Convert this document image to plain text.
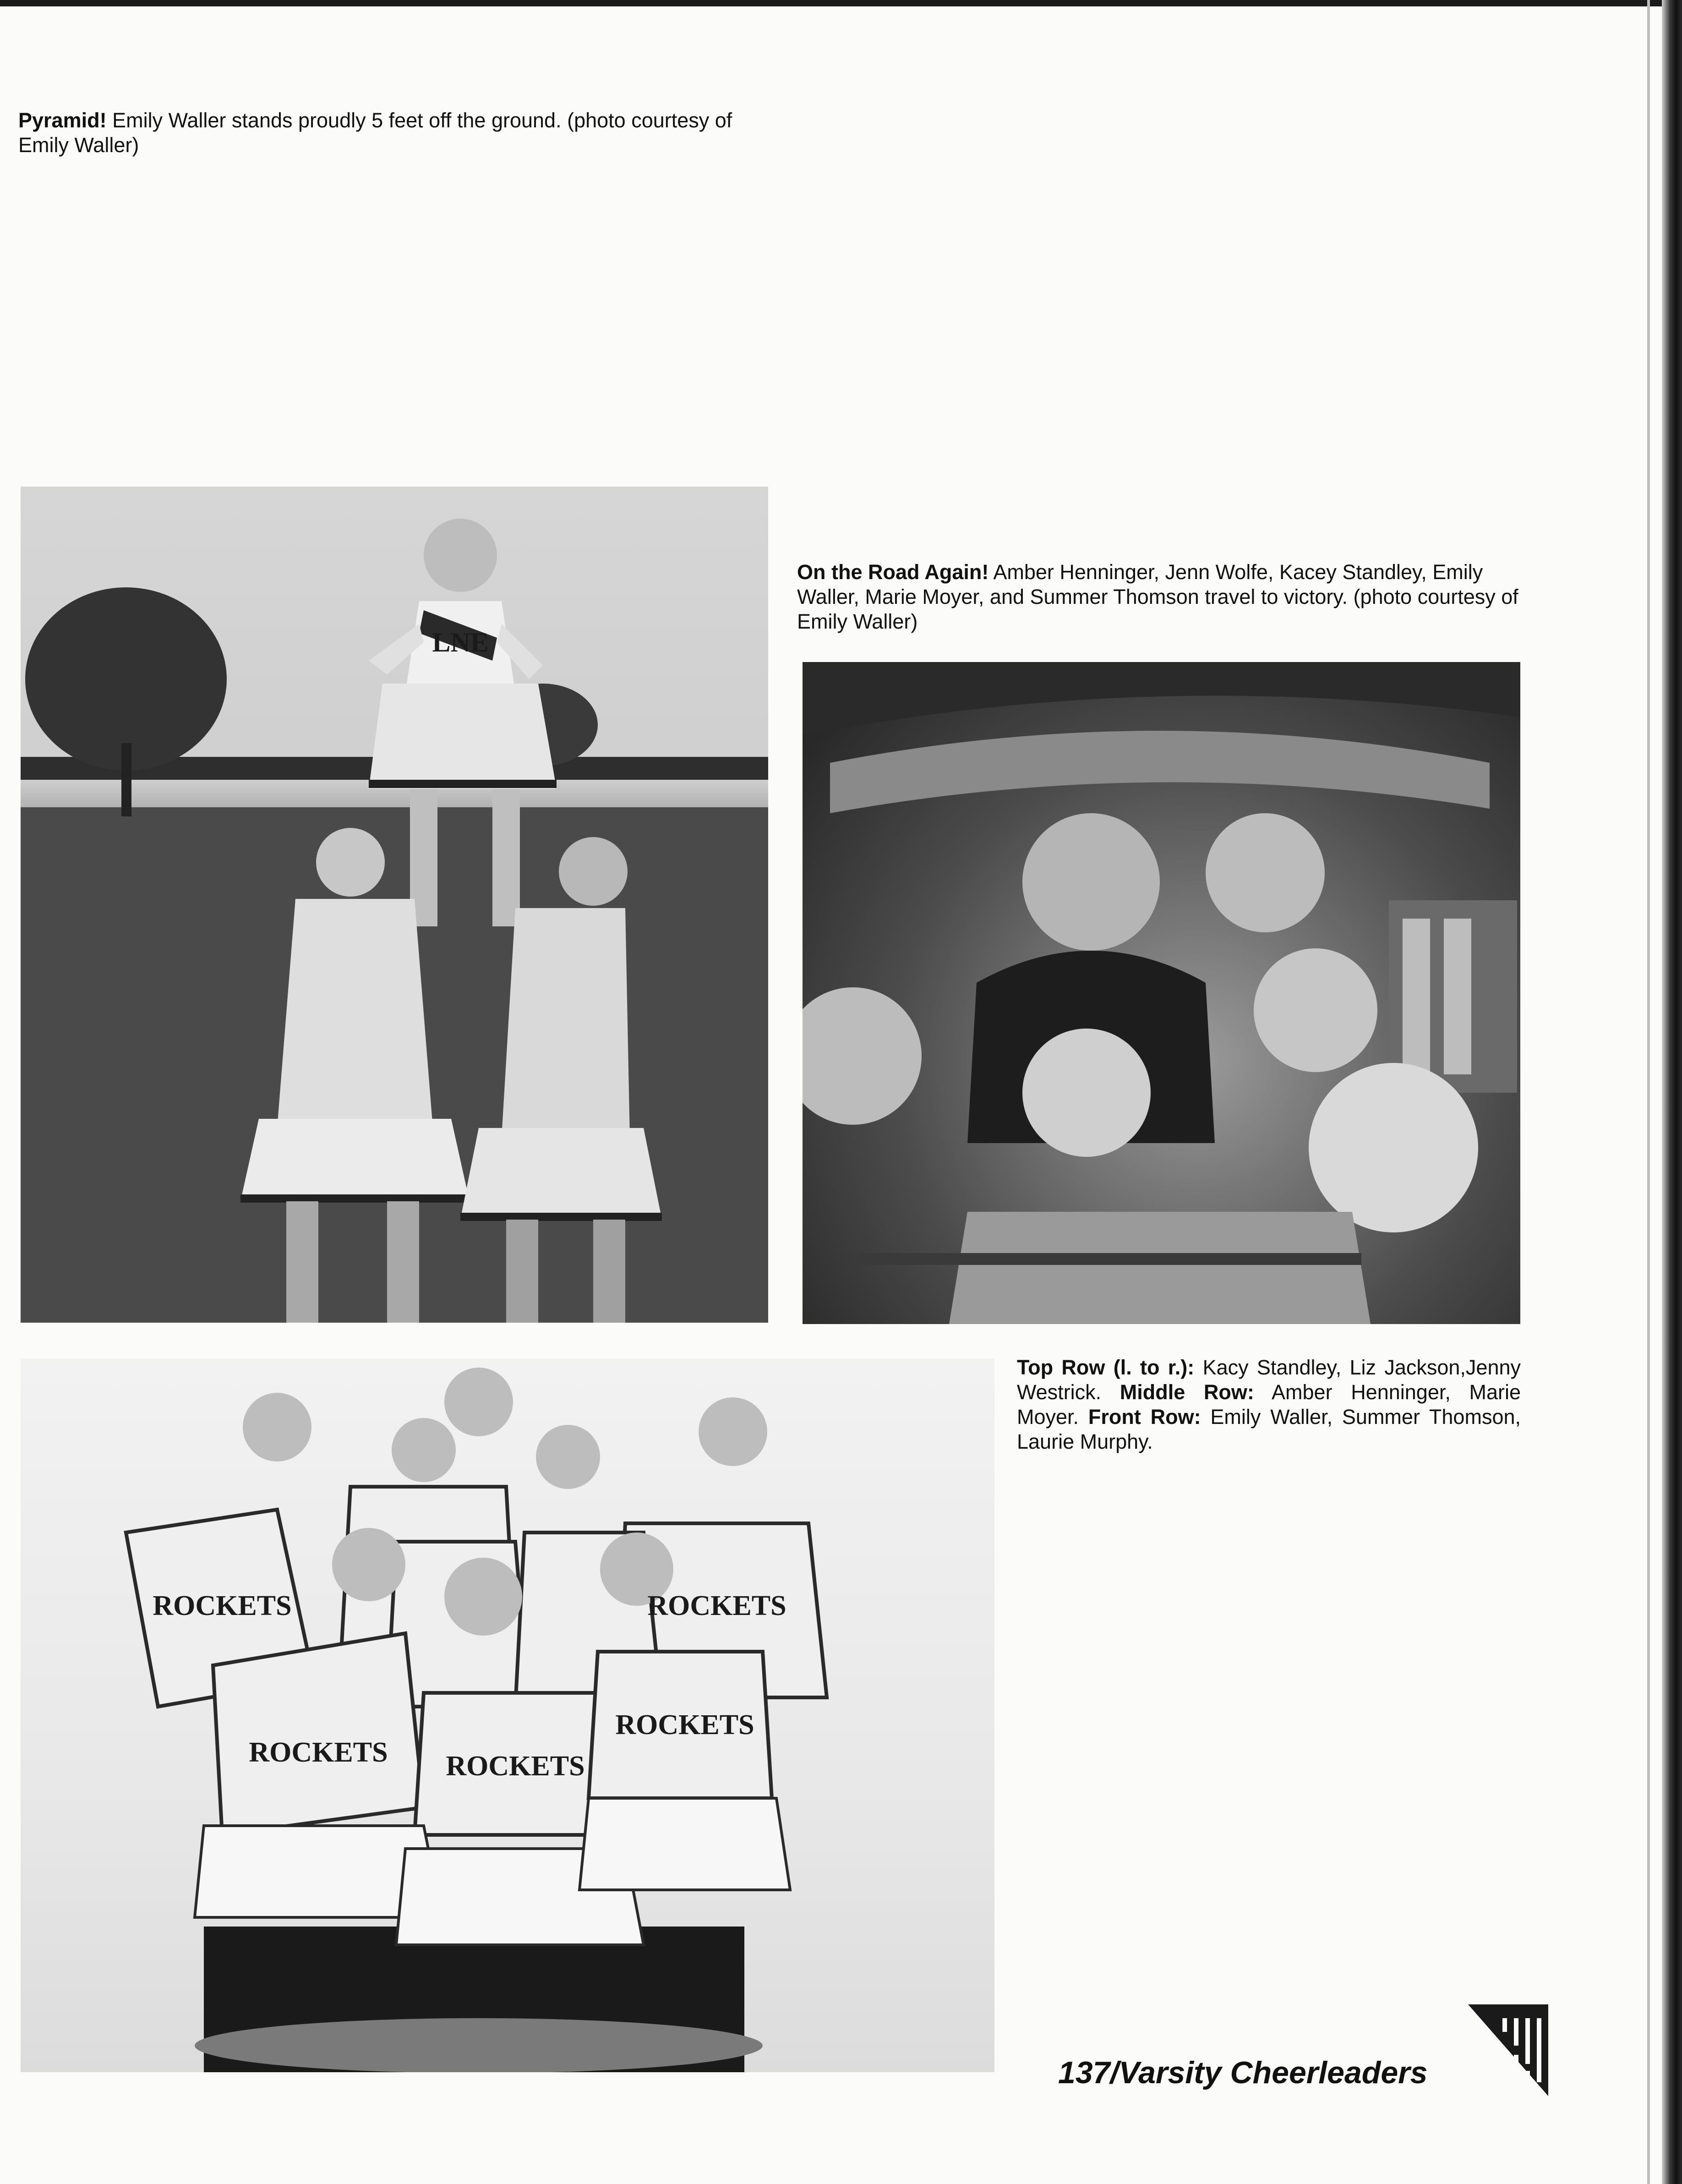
Pyramid! Emily Waller stands proudly 5 feet off the ground. (photo courtesy of Emily Waller)
LNE
On the Road Again! Amber Henninger, Jenn Wolfe, Kacey Standley, Emily Waller, Marie Moyer, and Summer Thomson travel to victory. (photo courtesy of Emily Waller)
ROCKETS	ROCKETS
ROCKETS ROCKETS
ROCKETS
Top Row (l. to r.): Kacy Standley, Liz Jackson,Jenny Westrick. Middle Row: Amber Henninger, Marie Moyer. Front Row: Emily Waller, Summer Thomson, Laurie Murphy.
137/Varsity Cheerleaders
